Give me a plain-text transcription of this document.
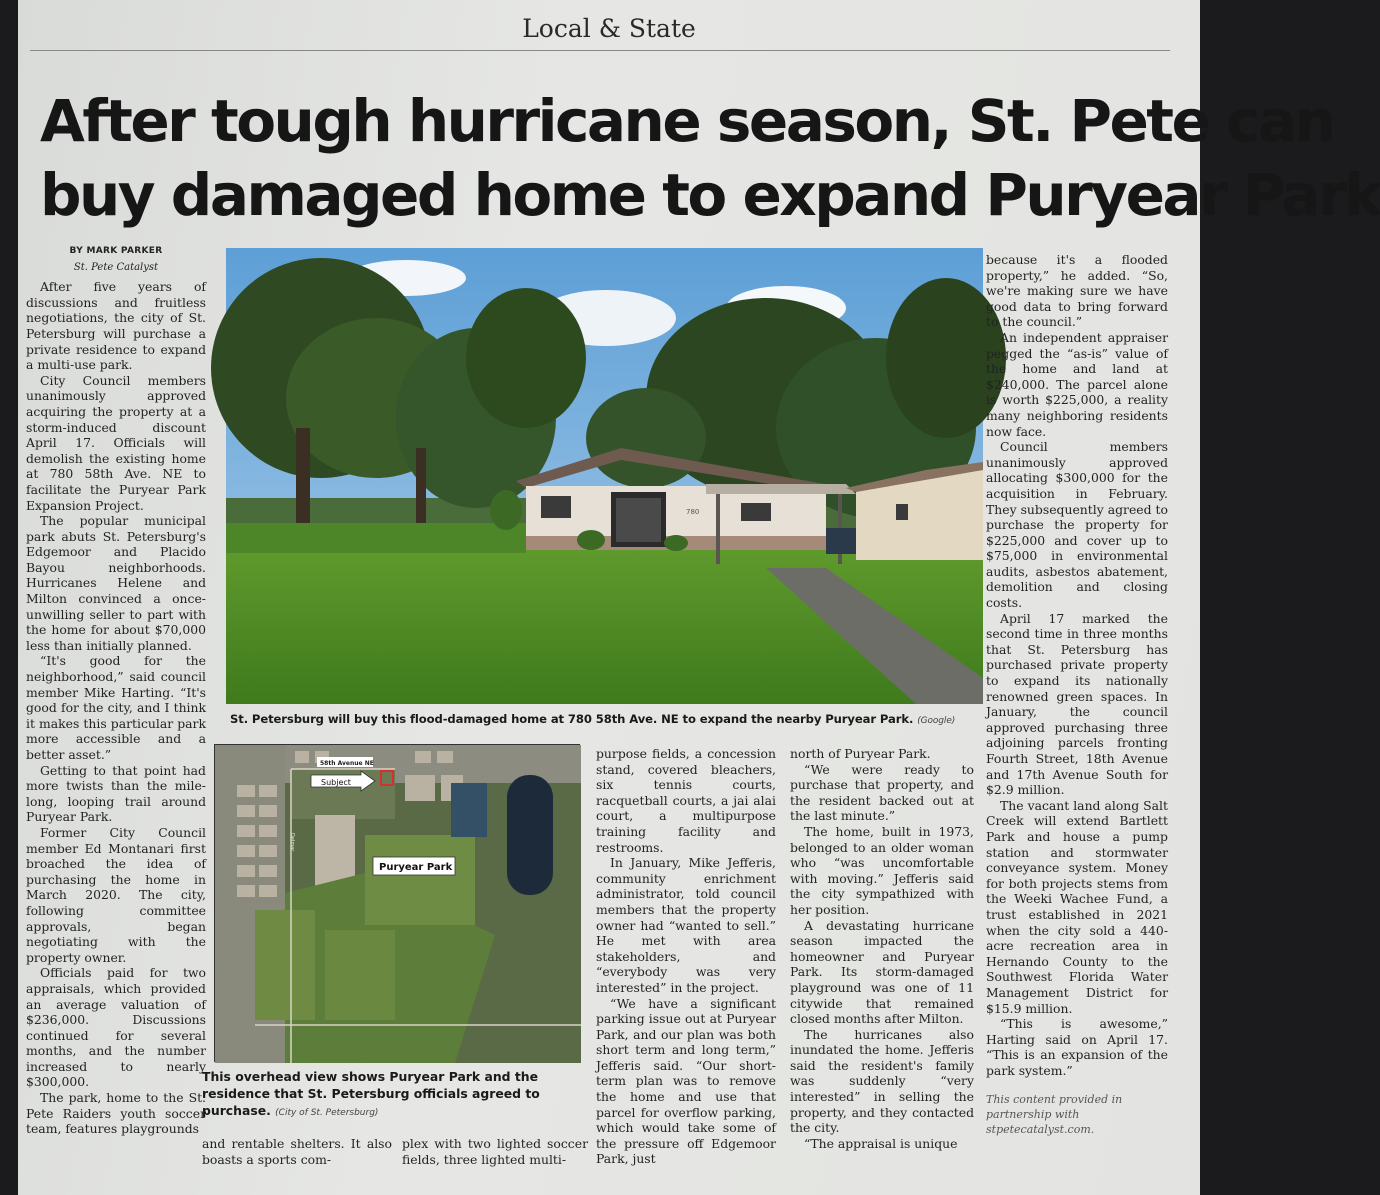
Local & State
After tough hurricane season, St. Pete can
buy damaged home to expand Puryear Park

BY MARK PARKER

St. Pete Catalyst

After five years of discussions and fruitless negotiations, the city of St. Petersburg will purchase a private residence to expand a multi-use park.

City Council members unanimously approved acquiring the property at a storm-induced discount April 17. Officials will demolish the existing home at 780 58th Ave. NE to facilitate the Puryear Park Expansion Project.

The popular municipal park abuts St. Petersburg's Edgemoor and Placido Bayou neighborhoods. Hurricanes Helene and Milton convinced a once-unwilling seller to part with the home for about $70,000 less than initially planned.

“It's good for the neighborhood,” said council member Mike Harting. “It's good for the city, and I think it makes this particular park more accessible and a better asset.”

Getting to that point had more twists than the mile-long, looping trail around Puryear Park.

Former City Council member Ed Montanari first broached the idea of purchasing the home in March 2020. The city, following committee approvals, began negotiating with the property owner.

Officials paid for two appraisals, which provided an average valuation of $236,000. Discussions continued for several months, and the number increased to nearly $300,000.

The park, home to the St. Pete Raiders youth soccer team, features playgrounds

780
St. Petersburg will buy this flood-damaged home at 780 58th Ave. NE to expand the nearby Puryear Park. (Google)
58th Avenue NE
Subject
Puryear Park
Delmar
This overhead view shows Puryear Park and the residence that St. Petersburg officials agreed to purchase. (City of St. Petersburg)

and rentable shelters. It also boasts a sports com-

plex with two lighted soccer fields, three lighted multi-

purpose fields, a concession stand, covered bleachers, six tennis courts, racquetball courts, a jai alai court, a multipurpose training facility and restrooms.

In January, Mike Jefferis, community enrichment administrator, told council members that the property owner had “wanted to sell.” He met with area stakeholders, and “everybody was very interested” in the project.

“We have a significant parking issue out at Puryear Park, and our plan was both short term and long term,” Jefferis said. “Our short-term plan was to remove the home and use that parcel for overflow parking, which would take some of the pressure off Edgemoor Park, just

north of Puryear Park.

“We were ready to purchase that property, and the resident backed out at the last minute.”

The home, built in 1973, belonged to an older woman who “was uncomfortable with moving.” Jefferis said the city sympathized with her position.

A devastating hurricane season impacted the homeowner and Puryear Park. Its storm-damaged playground was one of 11 citywide that remained closed months after Milton.

The hurricanes also inundated the home. Jefferis said the resident's family was suddenly “very interested” in selling the property, and they contacted the city.

“The appraisal is unique

because it's a flooded property,” he added. “So, we're making sure we have good data to bring forward to the council.”

An independent appraiser pegged the “as-is” value of the home and land at $240,000. The parcel alone is worth $225,000, a reality many neighboring residents now face.

Council members unanimously approved allocating $300,000 for the acquisition in February. They subsequently agreed to purchase the property for $225,000 and cover up to $75,000 in environmental audits, asbestos abatement, demolition and closing costs.

April 17 marked the second time in three months that St. Petersburg has purchased private property to expand its nationally renowned green spaces. In January, the council approved purchasing three adjoining parcels fronting Fourth Street, 18th Avenue and 17th Avenue South for $2.9 million.

The vacant land along Salt Creek will extend Bartlett Park and house a pump station and stormwater conveyance system. Money for both projects stems from the Weeki Wachee Fund, a trust established in 2021 when the city sold a 440-acre recreation area in Hernando County to the Southwest Florida Water Management District for $15.9 million.

“This is awesome,” Harting said on April 17. “This is an expansion of the park system.”

This content provided in partnership with stpetecatalyst.com.
